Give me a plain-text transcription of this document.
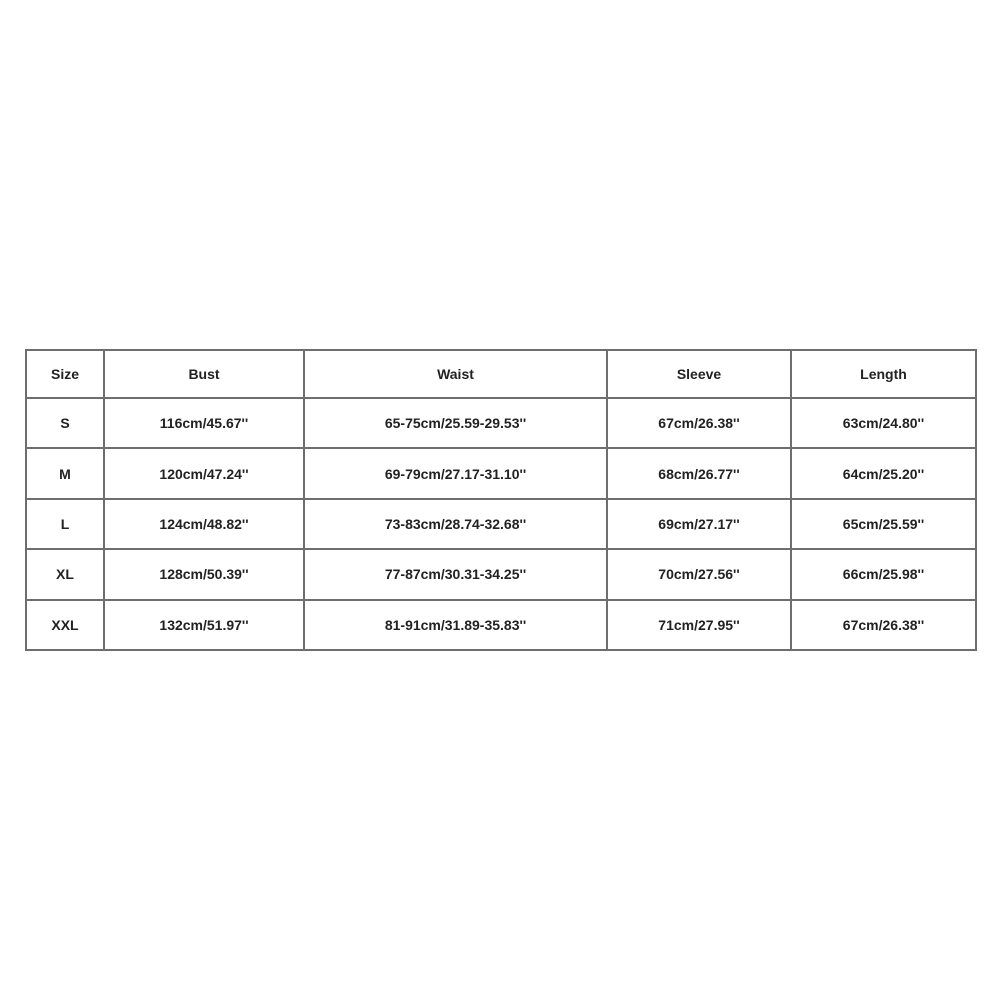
Size	Bust	Waist	Sleeve	Length
S	116cm/45.67''	65-75cm/25.59-29.53''	67cm/26.38''	63cm/24.80''
M	120cm/47.24''	69-79cm/27.17-31.10''	68cm/26.77''	64cm/25.20''
L	124cm/48.82''	73-83cm/28.74-32.68''	69cm/27.17''	65cm/25.59''
XL	128cm/50.39''	77-87cm/30.31-34.25''	70cm/27.56''	66cm/25.98''
XXL	132cm/51.97''	81-91cm/31.89-35.83''	71cm/27.95''	67cm/26.38''
